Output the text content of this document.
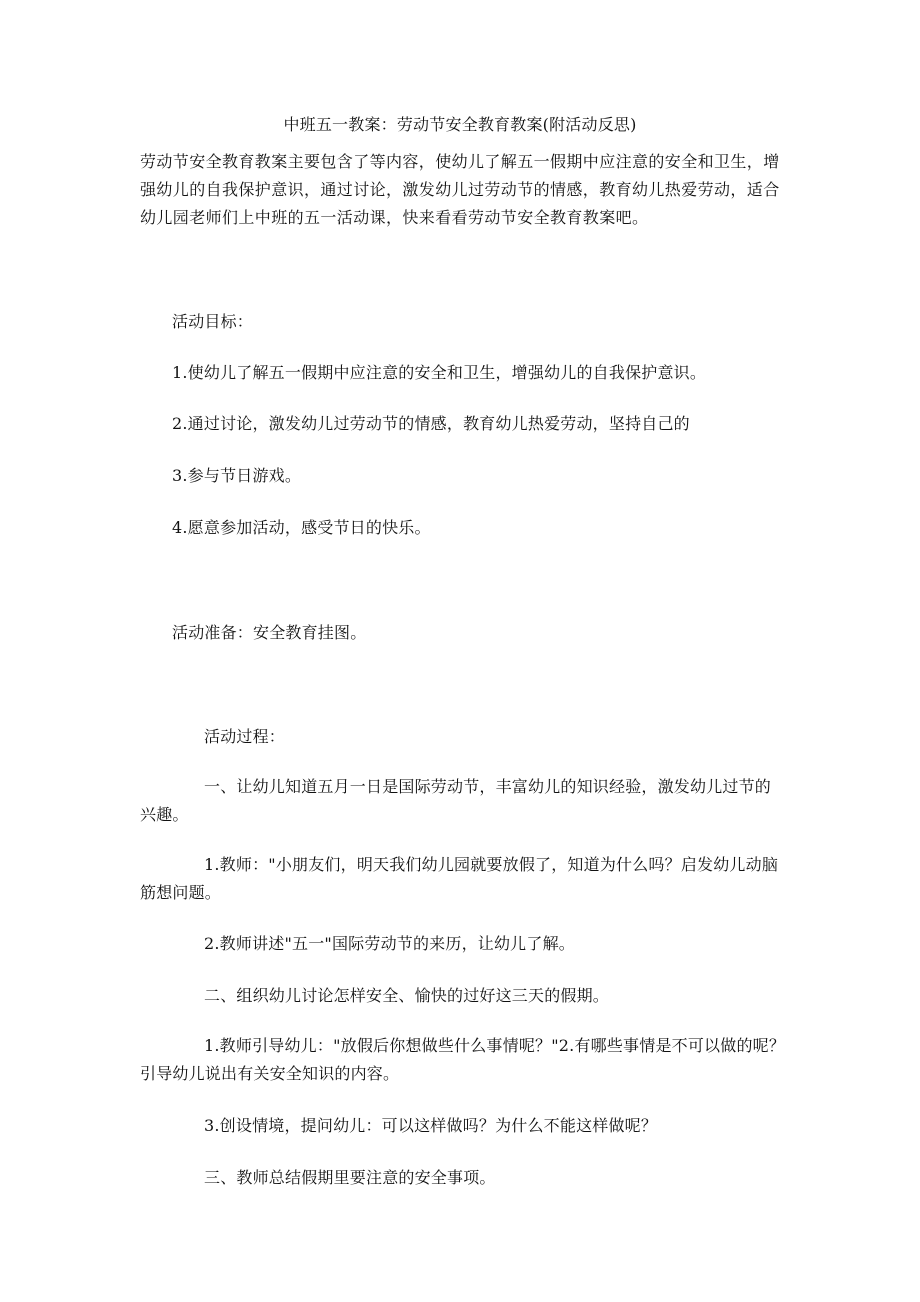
中班五一教案：劳动节安全教育教案(附活动反思)
劳动节安全教育教案主要包含了等内容，使幼儿了解五一假期中应注意的安全和卫生，增强幼儿的自我保护意识，通过讨论，激发幼儿过劳动节的情感，教育幼儿热爱劳动，适合幼儿园老师们上中班的五一活动课，快来看看劳动节安全教育教案吧。
活动目标：
1.使幼儿了解五一假期中应注意的安全和卫生，增强幼儿的自我保护意识。
2.通过讨论，激发幼儿过劳动节的情感，教育幼儿热爱劳动，坚持自己的
3.参与节日游戏。
4.愿意参加活动，感受节日的快乐。
活动准备：安全教育挂图。
活动过程：
一、让幼儿知道五月一日是国际劳动节，丰富幼儿的知识经验，激发幼儿过节的兴趣。
1.教师："小朋友们，明天我们幼儿园就要放假了，知道为什么吗？启发幼儿动脑筋想问题。
2.教师讲述"五一"国际劳动节的来历，让幼儿了解。
二、组织幼儿讨论怎样安全、愉快的过好这三天的假期。
1.教师引导幼儿："放假后你想做些什么事情呢？"2.有哪些事情是不可以做的呢？引导幼儿说出有关安全知识的内容。
3.创设情境，提问幼儿：可以这样做吗？为什么不能这样做呢？
三、教师总结假期里要注意的安全事项。
